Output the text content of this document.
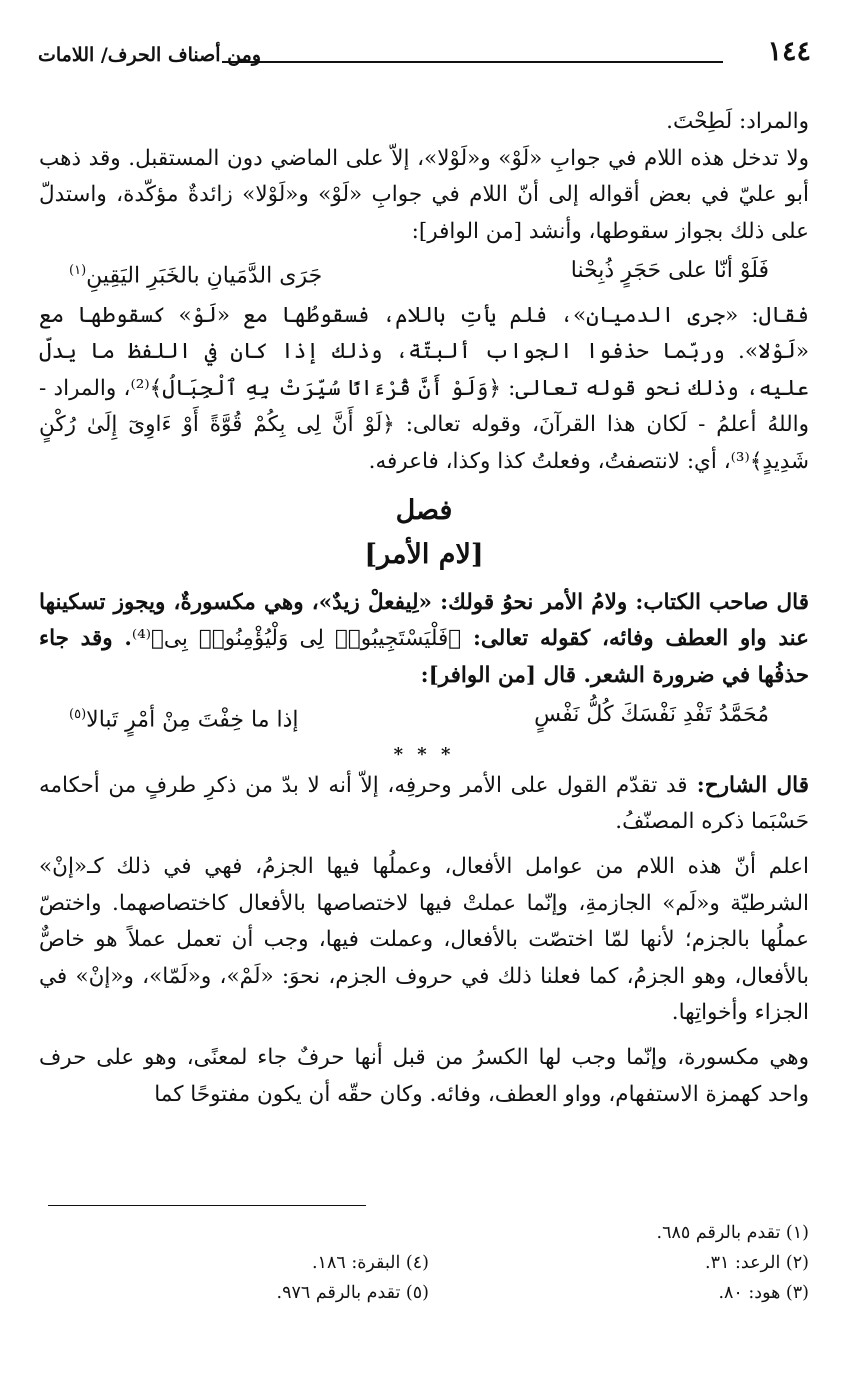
١٤٤
ومن أصناف الحرف/ اللامات

والمراد: لَطِحْتَ.

ولا تدخل هذه اللام في جوابِ «لَوْ» و«لَوْلا»، إلاّ على الماضي دون المستقبل. وقد ذهب أبو عليّ في بعض أقواله إلى أنّ اللام في جوابِ «لَوْ» و«لَوْلا» زائدةٌ مؤكّدة، واستدلّ على ذلك بجواز سقوطها، وأنشد [من الوافر]:

فَلَوْ أنّا على حَجَرٍ ذُبِحْنا
جَرَى الدَّمَيانِ بالخَبَرِ اليَقِينِ$^{(١)}$

فقال: «جرى الدميان»، فلم يأتِ باللام، فسقوطُها مع «لَوْ» كسقوطها مع «لَوْلا». وربّما حذفوا الجواب ألبتّة، وذلك إذا كان في اللفظ ما يدلّ عليه، وذلك نحو قوله تعالى: ﴿وَلَوْ أَنَّ قُرْءَانًا سُيِّرَتْ بِهِ ٱلْجِبَالُ﴾⁽²⁾، والمراد - واللهُ أعلمُ - لَكان هذا القرآنَ، وقوله تعالى: ﴿لَوْ أَنَّ لِى بِكُمْ قُوَّةً أَوْ ءَاوِىٓ إِلَىٰ رُكْنٍ شَدِيدٍ﴾⁽³⁾، أي: لانتصفتُ، وفعلتُ كذا وكذا، فاعرفه.

فصل
[لام الأمر]

قال صاحب الكتاب: ولامُ الأمر نحوُ قولك: «لِيفعلْ زيدٌ»، وهي مكسورةٌ، ويجوز تسكينها عند واو العطف وفائه، كقوله تعالى: ﴿فَلْيَسْتَجِيبُوا۟ لِى وَلْيُؤْمِنُوا۟ بِى﴾⁽⁴⁾. وقد جاء حذفُها في ضرورة الشعر. قال [من الوافر]:

مُحَمَّدُ تَفْدِ نَفْسَكَ كُلُّ نَفْسٍ
إذا ما خِفْتَ مِنْ أمْرٍ تَبالا$^{(٥)}$
* * *

قال الشارح: قد تقدّم القول على الأمر وحرفِه، إلاّ أنه لا بدّ من ذكرِ طرفٍ من أحكامه حَسْبَما ذكره المصنّفُ.

اعلم أنّ هذه اللام من عوامل الأفعال، وعملُها فيها الجزمُ، فهي في ذلك كـ«إنْ» الشرطيّة و«لَم» الجازمةِ، وإنّما عملتْ فيها لاختصاصها بالأفعال كاختصاصهما. واختصّ عملُها بالجزم؛ لأنها لمّا اختصّت بالأفعال، وعملت فيها، وجب أن تعمل عملاً هو خاصٌّ بالأفعال، وهو الجزمُ، كما فعلنا ذلك في حروف الجزم، نحوَ: «لَمْ»، و«لَمّا»، و«إنْ» في الجزاء وأخواتِها.

وهي مكسورة، وإنّما وجب لها الكسرُ من قبل أنها حرفٌ جاء لمعنًى، وهو على حرف واحد كهمزة الاستفهام، وواو العطف، وفائه. وكان حقّه أن يكون مفتوحًا كما

(١) تقدم بالرقم ٦٨٥.
(٢) الرعد: ٣١.
(٤) البقرة: ١٨٦.
(٣) هود: ٨٠.
(٥) تقدم بالرقم ٩٧٦.
